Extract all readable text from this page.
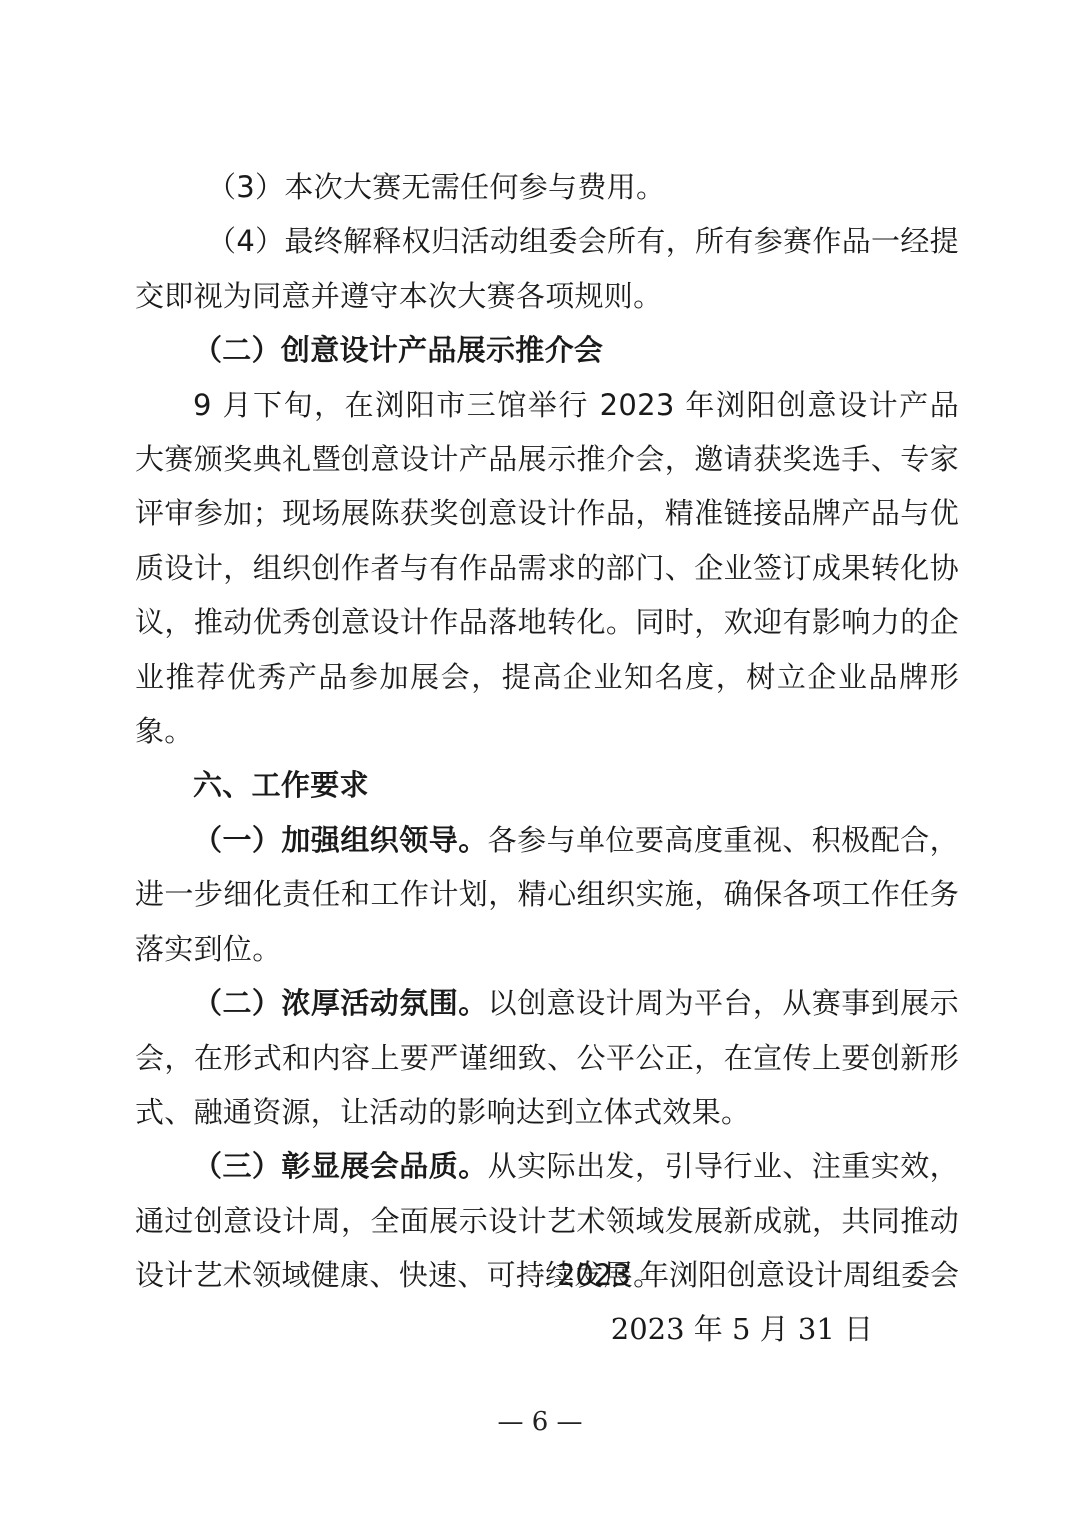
（3）本次大赛无需任何参与费用。

（4）最终解释权归活动组委会所有，所有参赛作品一经提交即视为同意并遵守本次大赛各项规则。

（二）创意设计产品展示推介会

9 月下旬，在浏阳市三馆举行 2023 年浏阳创意设计产品大赛颁奖典礼暨创意设计产品展示推介会，邀请获奖选手、专家评审参加；现场展陈获奖创意设计作品，精准链接品牌产品与优质设计，组织创作者与有作品需求的部门、企业签订成果转化协议，推动优秀创意设计作品落地转化。同时，欢迎有影响力的企业推荐优秀产品参加展会，提高企业知名度，树立企业品牌形象。

六、工作要求

（一）加强组织领导。各参与单位要高度重视、积极配合，进一步细化责任和工作计划，精心组织实施，确保各项工作任务落实到位。

（二）浓厚活动氛围。以创意设计周为平台，从赛事到展示会，在形式和内容上要严谨细致、公平公正，在宣传上要创新形式、融通资源，让活动的影响达到立体式效果。

（三）彰显展会品质。从实际出发，引导行业、注重实效，通过创意设计周，全面展示设计艺术领域发展新成就，共同推动设计艺术领域健康、快速、可持续发展。

2023 年浏阳创意设计周组委会

2023 年 5 月 31 日

— 6 —
